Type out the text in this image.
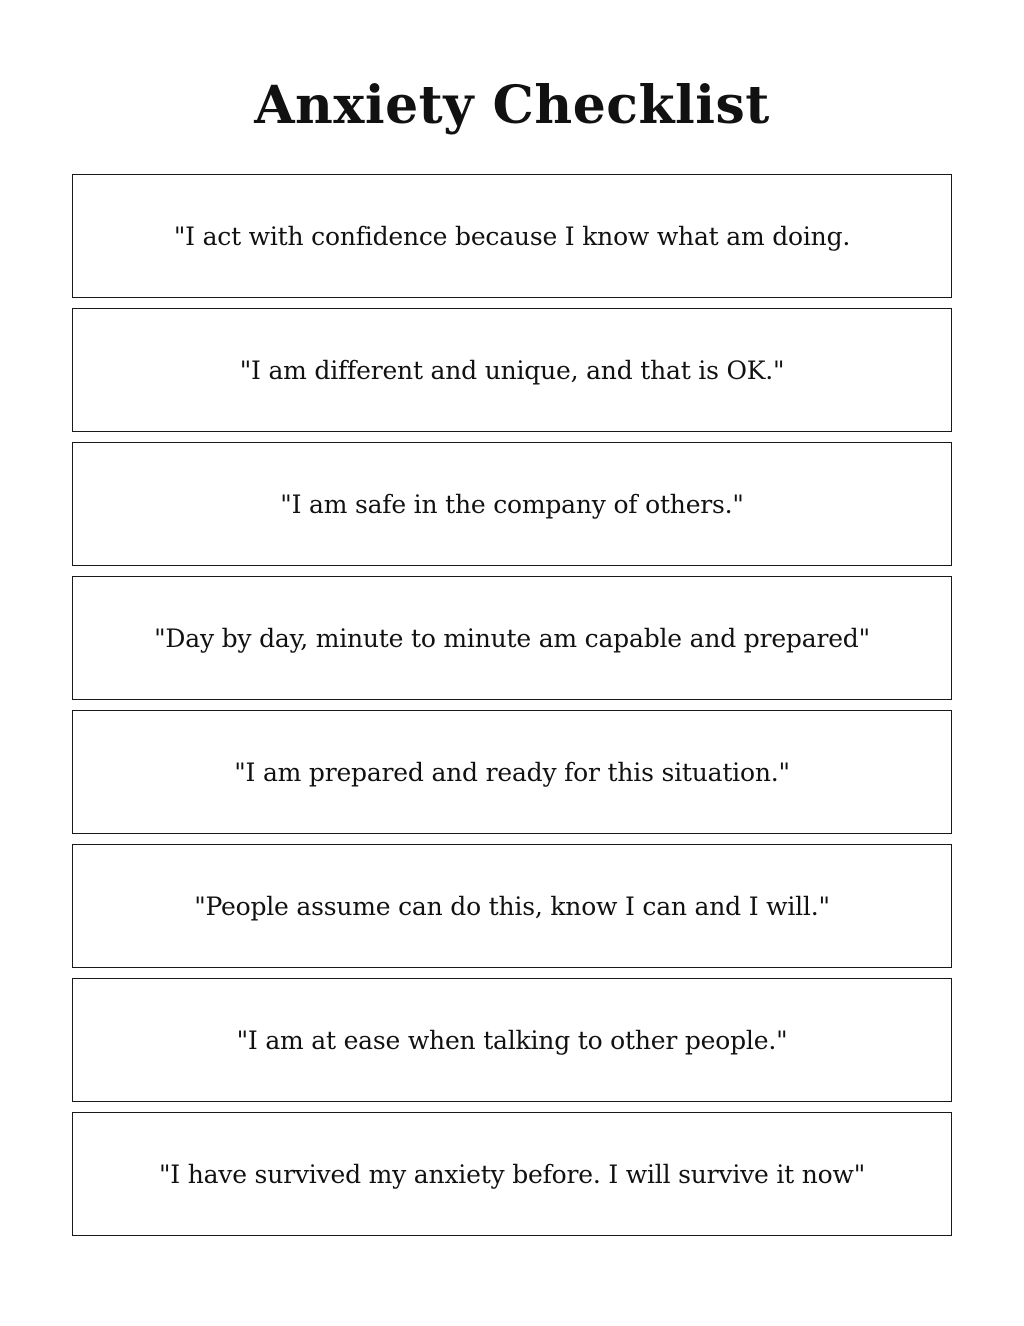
Anxiety Checklist
"I act with confidence because I know what am doing.
"I am different and unique, and that is OK."
"I am safe in the company of others."
"Day by day, minute to minute am capable and prepared"
"I am prepared and ready for this situation."
"People assume can do this, know I can and I will."
"I am at ease when talking to other people."
"I have survived my anxiety before. I will survive it now"
